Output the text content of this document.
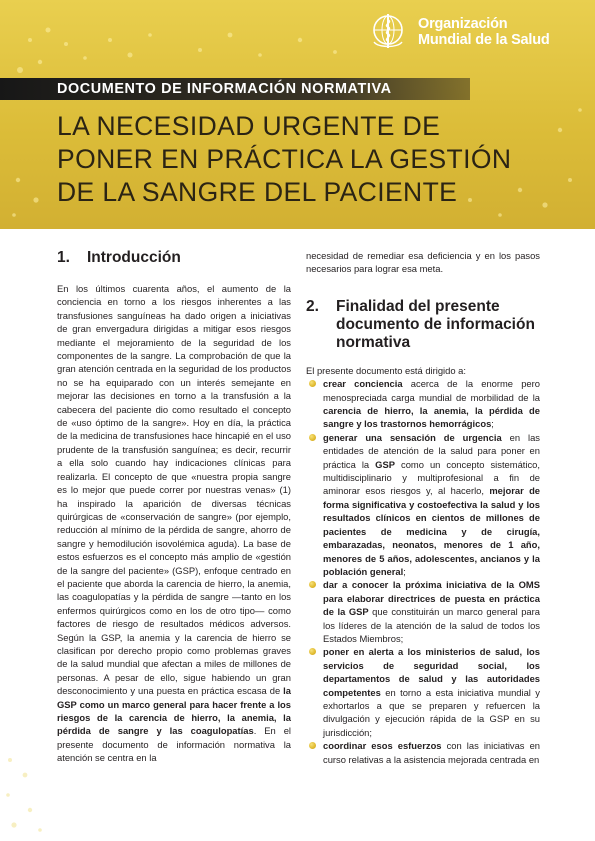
Organización
Mundial de la Salud
DOCUMENTO DE INFORMACIÓN NORMATIVA
LA NECESIDAD URGENTE DE
PONER EN PRÁCTICA LA GESTIÓN
DE LA SANGRE DEL PACIENTE
1.	Introducción

En los últimos cuarenta años, el aumento de la conciencia en torno a los riesgos inherentes a las transfusiones sanguíneas ha dado origen a iniciativas de gran envergadura dirigidas a mitigar esos riesgos mediante el mejoramiento de la seguridad de los componentes de la sangre. La comprobación de que la gran atención centrada en la seguridad de los productos no se ha equiparado con un interés semejante en mejorar las decisiones en torno a la transfusión a la cabecera del paciente dio como resultado el concepto de «uso óptimo de la sangre». Hoy en día, la práctica de la medicina de transfusiones hace hincapié en el uso prudente de la transfusión sanguínea; es decir, recurrir a ella solo cuando hay indicaciones clínicas para realizarla. El concepto de que «nuestra propia sangre es lo mejor que puede correr por nuestras venas» (1) ha inspirado la aparición de diversas técnicas quirúrgicas de «conservación de sangre» (por ejemplo, reducción al mínimo de la pérdida de sangre, ahorro de sangre y hemodilución isovolémica aguda). La base de estos esfuerzos es el concepto más amplio de «gestión de la sangre del paciente» (GSP), enfoque centrado en el paciente que aborda la carencia de hierro, la anemia, las coagulopatías y la pérdida de sangre —tanto en los enfermos quirúrgicos como en los de otro tipo— como factores de riesgo de resultados médicos adversos. Según la GSP, la anemia y la carencia de hierro se clasifican por derecho propio como problemas graves de la salud mundial que afectan a miles de millones de personas. A pesar de ello, sigue habiendo un gran desconocimiento y una puesta en práctica escasa de la GSP como un marco general para hacer frente a los riesgos de la carencia de hierro, la anemia, la pérdida de sangre y las coagulopatías. En el presente documento de información normativa la atención se centra en la

necesidad de remediar esa deficiencia y en los pasos necesarios para lograr esa meta.

2.	Finalidad del presente documento de información normativa

El presente documento está dirigido a:

crear conciencia acerca de la enorme pero menospreciada carga mundial de morbilidad de la carencia de hierro, la anemia, la pérdida de sangre y los trastornos hemorrágicos;
generar una sensación de urgencia en las entidades de atención de la salud para poner en práctica la GSP como un concepto sistemático, multidisciplinario y multiprofesional a fin de aminorar esos riesgos y, al hacerlo, mejorar de forma significativa y costoefectiva la salud y los resultados clínicos en cientos de millones de pacientes de medicina y de cirugía, embarazadas, neonatos, menores de 1 año, menores de 5 años, adolescentes, ancianos y la población general;
dar a conocer la próxima iniciativa de la OMS para elaborar directrices de puesta en práctica de la GSP que constituirán un marco general para los líderes de la atención de la salud de todos los Estados Miembros;
poner en alerta a los ministerios de salud, los servicios de seguridad social, los departamentos de salud y las autoridades competentes en torno a esta iniciativa mundial y exhortarlos a que se preparen y refuercen la divulgación y ejecución rápida de la GSP en su jurisdicción;
coordinar esos esfuerzos con las iniciativas en curso relativas a la asistencia mejorada centrada en
